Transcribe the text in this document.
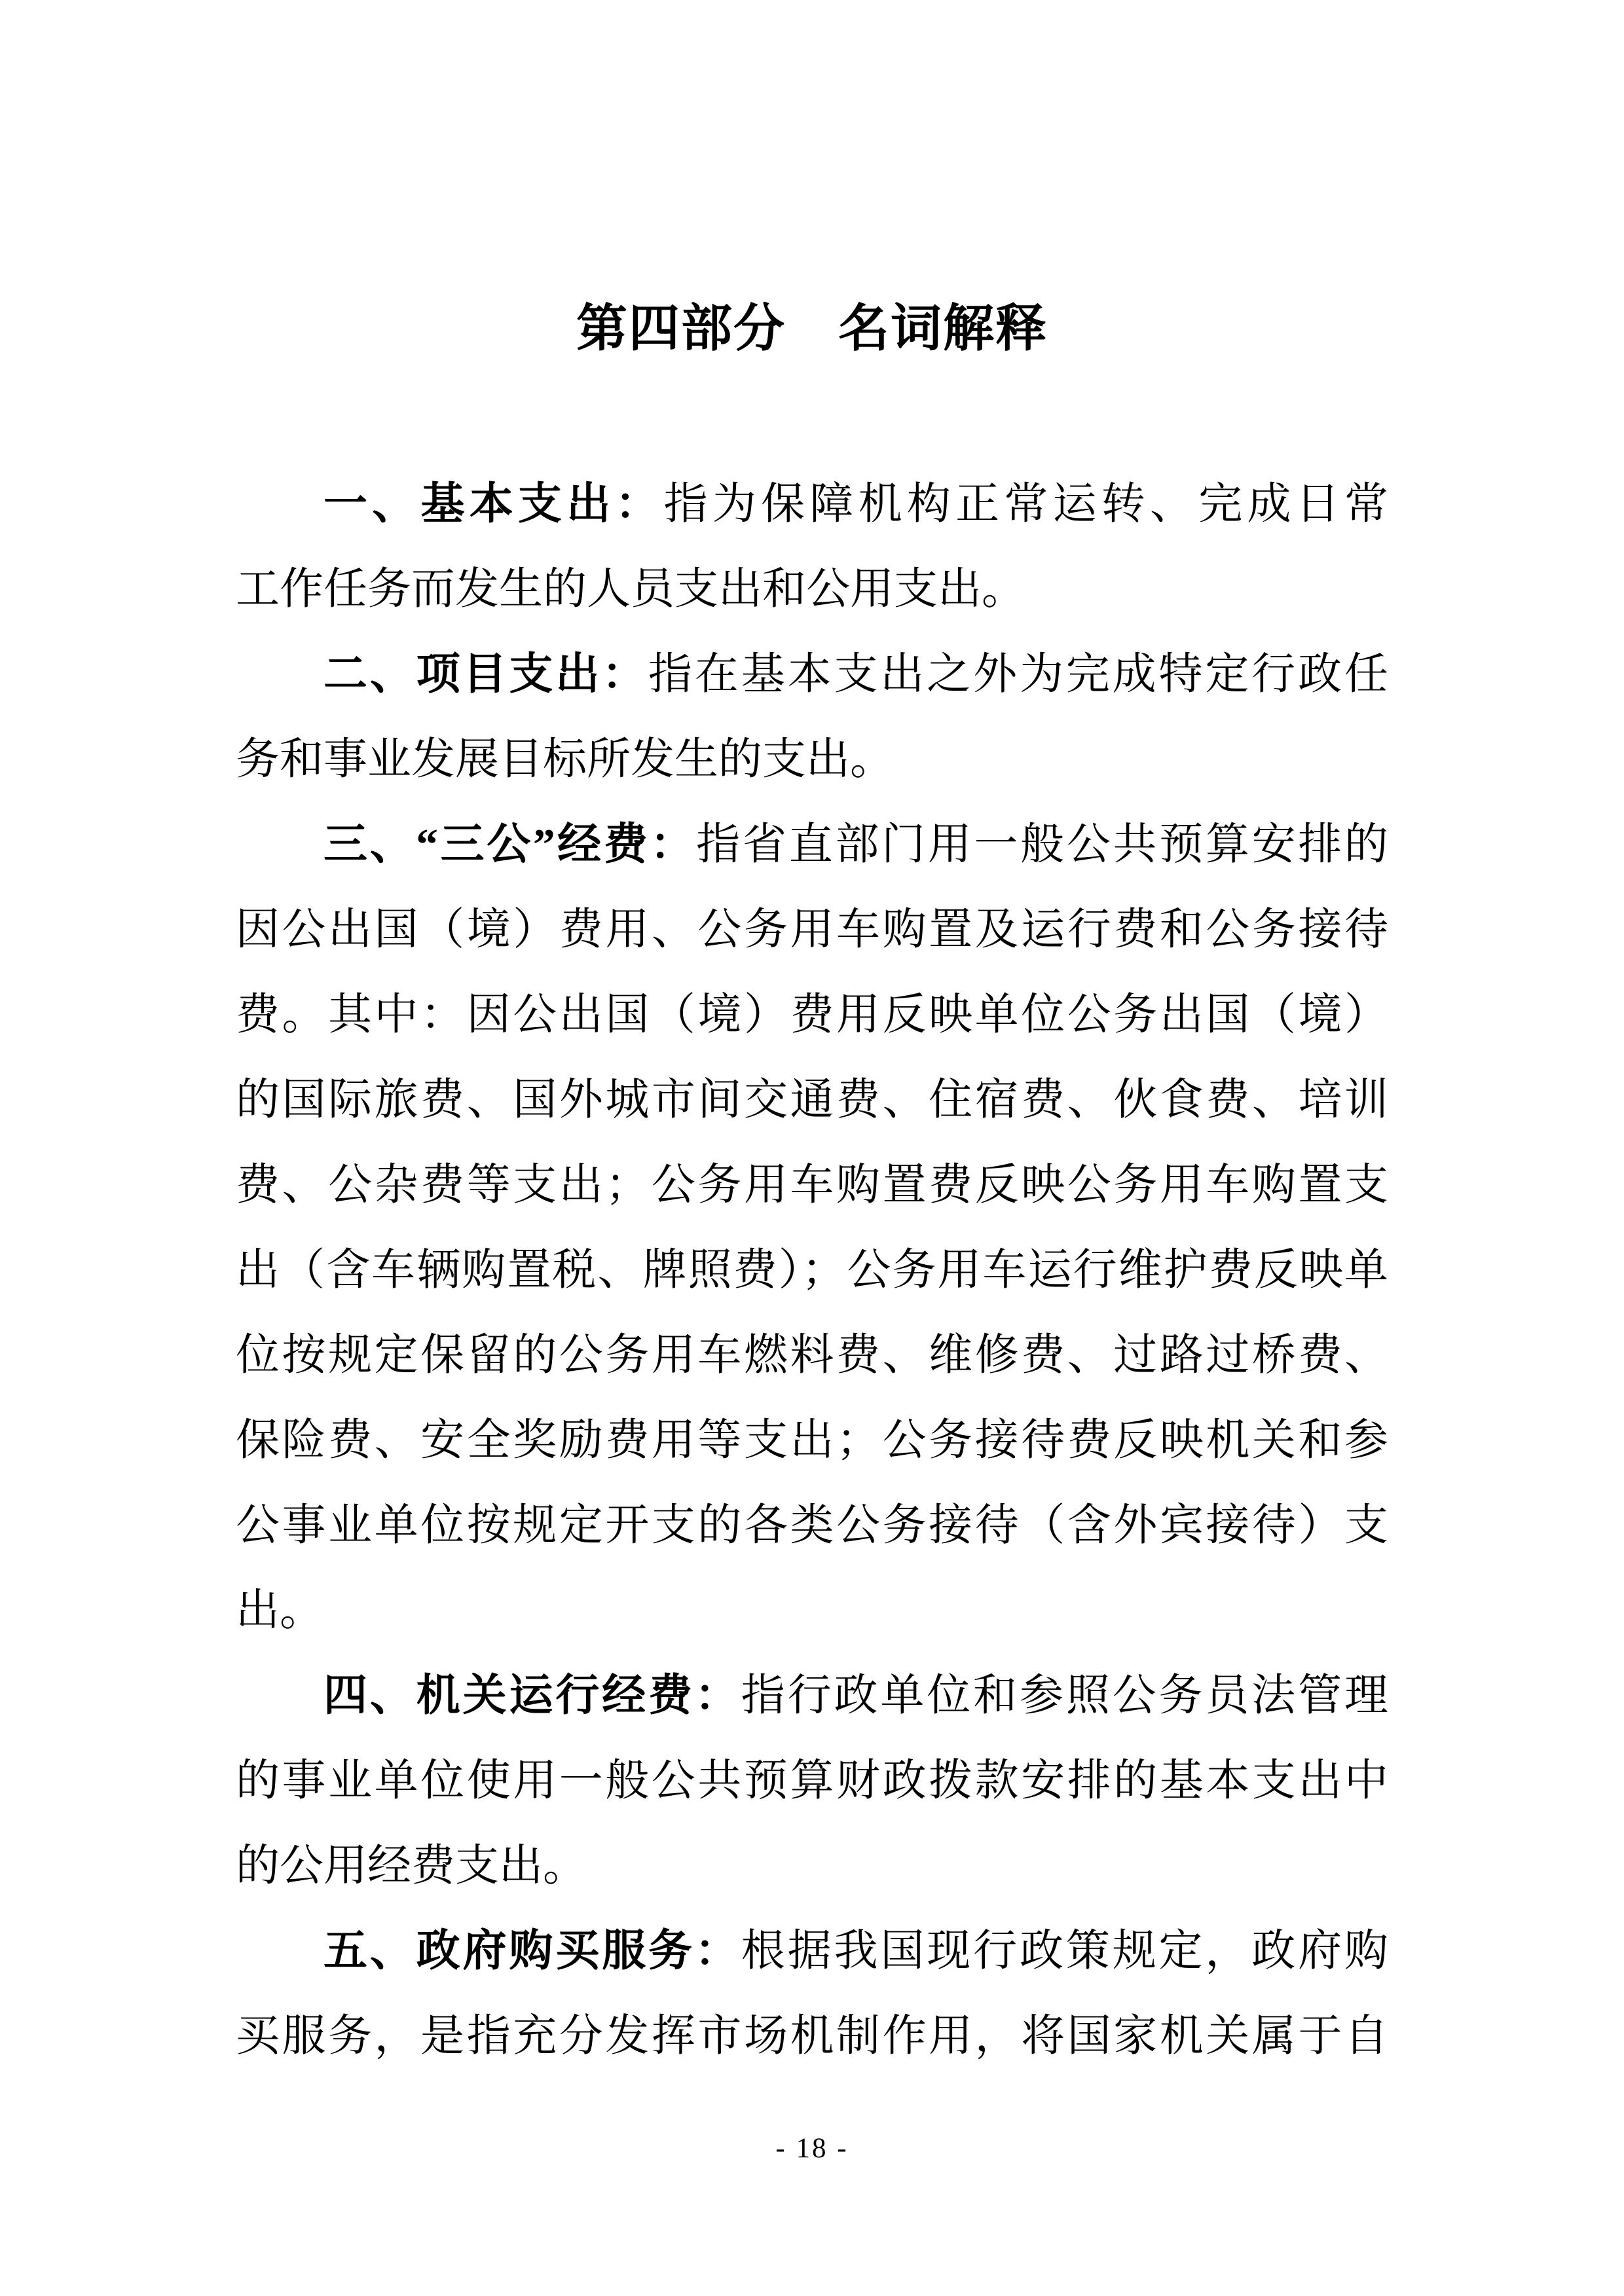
第四部分　名词解释
一、基本支出：指为保障机构正常运转、完成日常
工作任务而发生的人员支出和公用支出。
二、项目支出：指在基本支出之外为完成特定行政任
务和事业发展目标所发生的支出。
三、“三公”经费：指省直部门用一般公共预算安排的
因公出国（境）费用、公务用车购置及运行费和公务接待
费。其中：因公出国（境）费用反映单位公务出国（境）
的国际旅费、国外城市间交通费、住宿费、伙食费、培训
费、公杂费等支出；公务用车购置费反映公务用车购置支
出（含车辆购置税、牌照费）；公务用车运行维护费反映单
位按规定保留的公务用车燃料费、维修费、过路过桥费、
保险费、安全奖励费用等支出；公务接待费反映机关和参
公事业单位按规定开支的各类公务接待（含外宾接待）支
出。
四、机关运行经费：指行政单位和参照公务员法管理
的事业单位使用一般公共预算财政拨款安排的基本支出中
的公用经费支出。
五、政府购买服务：根据我国现行政策规定，政府购
买服务，是指充分发挥市场机制作用，将国家机关属于自
- 18 -
